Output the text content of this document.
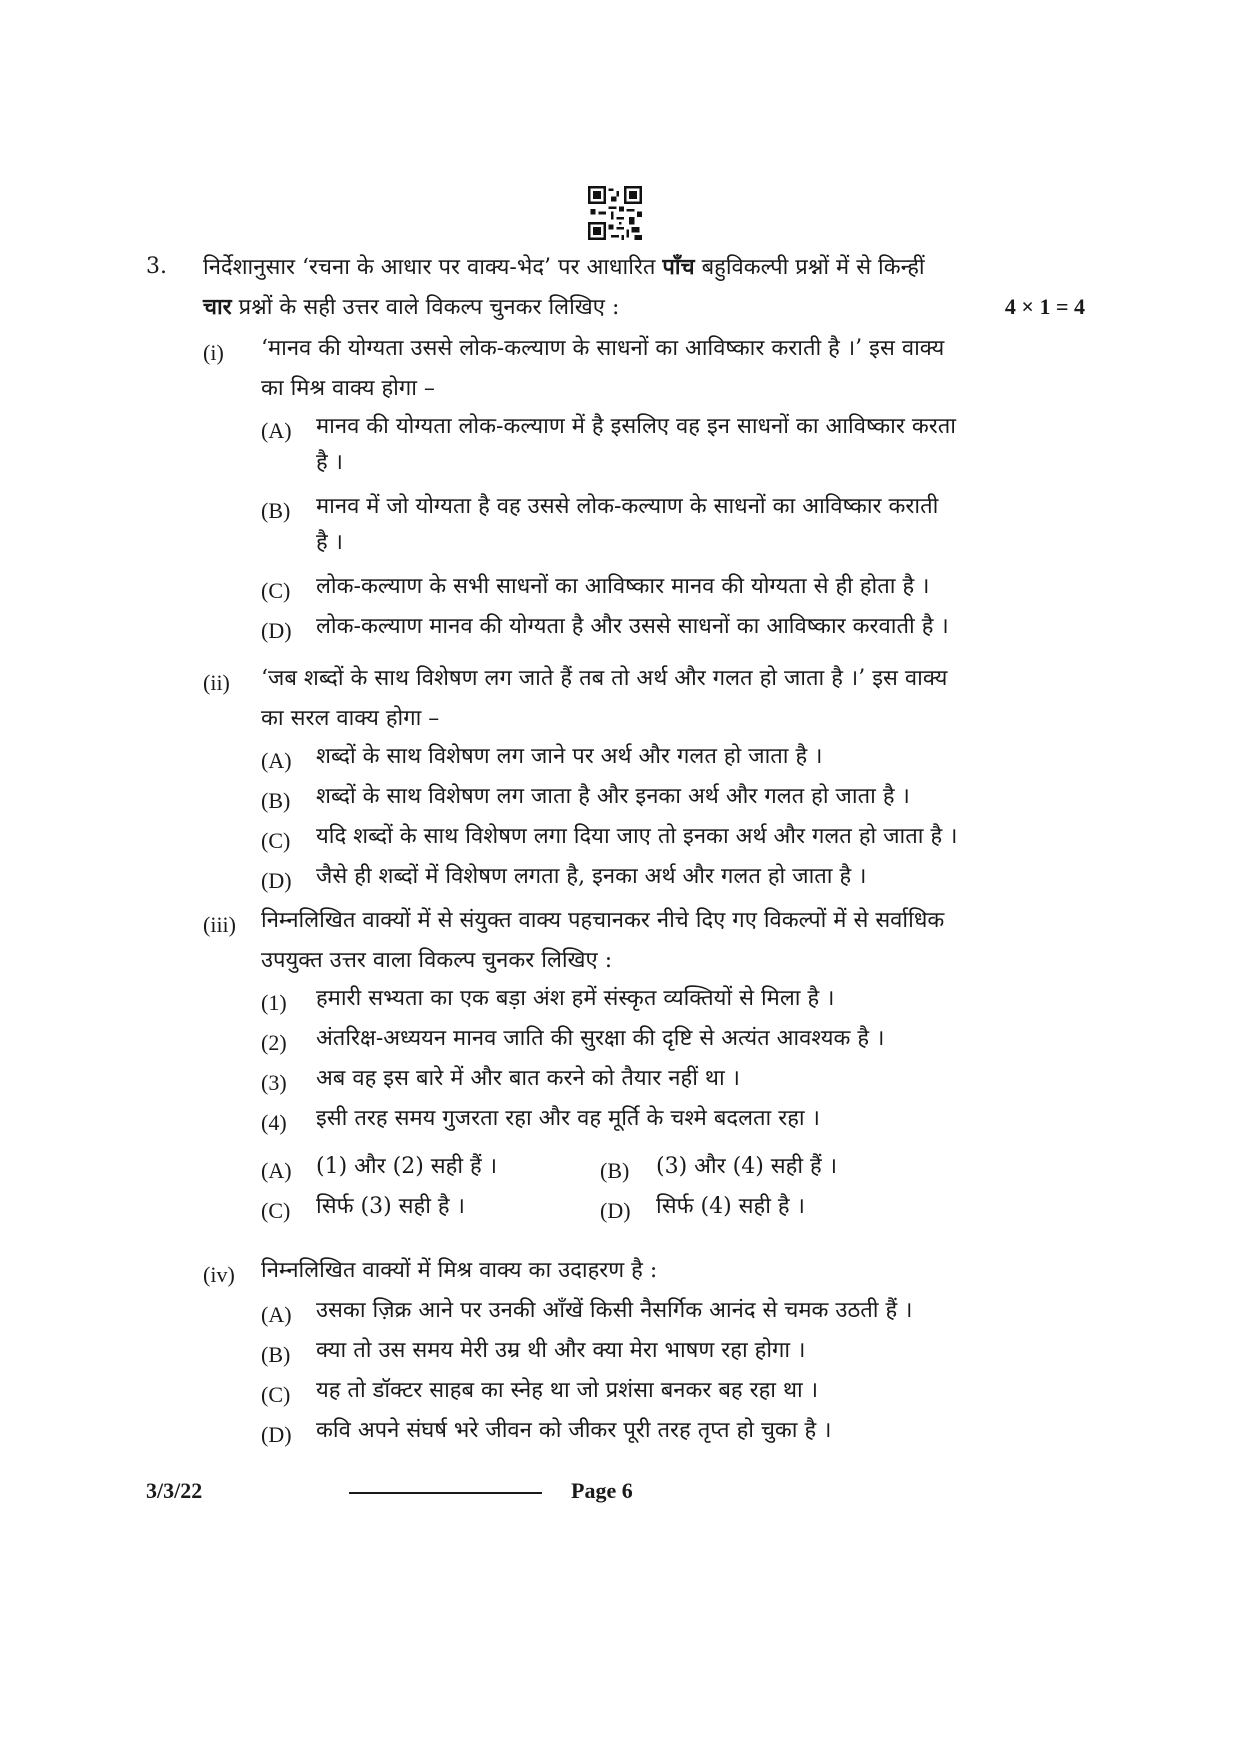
3. निर्देशानुसार ‘रचना के आधार पर वाक्य-भेद’ पर आधारित पाँच बहुविकल्पी प्रश्नों में से किन्हीं
चार प्रश्नों के सही उत्तर वाले विकल्प चुनकर लिखिए :	4 × 1 = 4
(i) ‘मानव की योग्यता उससे लोक-कल्याण के साधनों का आविष्कार कराती है ।’ इस वाक्य
का मिश्र वाक्य होगा –
(A) मानव की योग्यता लोक-कल्याण में है इसलिए वह इन साधनों का आविष्कार करता
है ।
(B) मानव में जो योग्यता है वह उससे लोक-कल्याण के साधनों का आविष्कार कराती
है ।
(C) लोक-कल्याण के सभी साधनों का आविष्कार मानव की योग्यता से ही होता है ।
(D) लोक-कल्याण मानव की योग्यता है और उससे साधनों का आविष्कार करवाती है ।
(ii) ‘जब शब्दों के साथ विशेषण लग जाते हैं तब तो अर्थ और गलत हो जाता है ।’ इस वाक्य
का सरल वाक्य होगा –
(A) शब्दों के साथ विशेषण लग जाने पर अर्थ और गलत हो जाता है ।
(B) शब्दों के साथ विशेषण लग जाता है और इनका अर्थ और गलत हो जाता है ।
(C) यदि शब्दों के साथ विशेषण लगा दिया जाए तो इनका अर्थ और गलत हो जाता है ।
(D) जैसे ही शब्दों में विशेषण लगता है, इनका अर्थ और गलत हो जाता है ।
(iii) निम्नलिखित वाक्यों में से संयुक्त वाक्य पहचानकर नीचे दिए गए विकल्पों में से सर्वाधिक
उपयुक्त उत्तर वाला विकल्प चुनकर लिखिए :
(1) हमारी सभ्यता का एक बड़ा अंश हमें संस्कृत व्यक्तियों से मिला है ।
(2) अंतरिक्ष-अध्ययन मानव जाति की सुरक्षा की दृष्टि से अत्यंत आवश्यक है ।
(3) अब वह इस बारे में और बात करने को तैयार नहीं था ।
(4) इसी तरह समय गुजरता रहा और वह मूर्ति के चश्मे बदलता रहा ।
(A) (1) और (2) सही हैं ।	(B) (3) और (4) सही हैं ।
(C) सिर्फ (3) सही है ।	(D) सिर्फ (4) सही है ।
(iv) निम्नलिखित वाक्यों में मिश्र वाक्य का उदाहरण है :
(A) उसका ज़िक्र आने पर उनकी आँखें किसी नैसर्गिक आनंद से चमक उठती हैं ।
(B) क्या तो उस समय मेरी उम्र थी और क्या मेरा भाषण रहा होगा ।
(C) यह तो डॉक्टर साहब का स्नेह था जो प्रशंसा बनकर बह रहा था ।
(D) कवि अपने संघर्ष भरे जीवन को जीकर पूरी तरह तृप्त हो चुका है ।
3/3/22	Page 6
